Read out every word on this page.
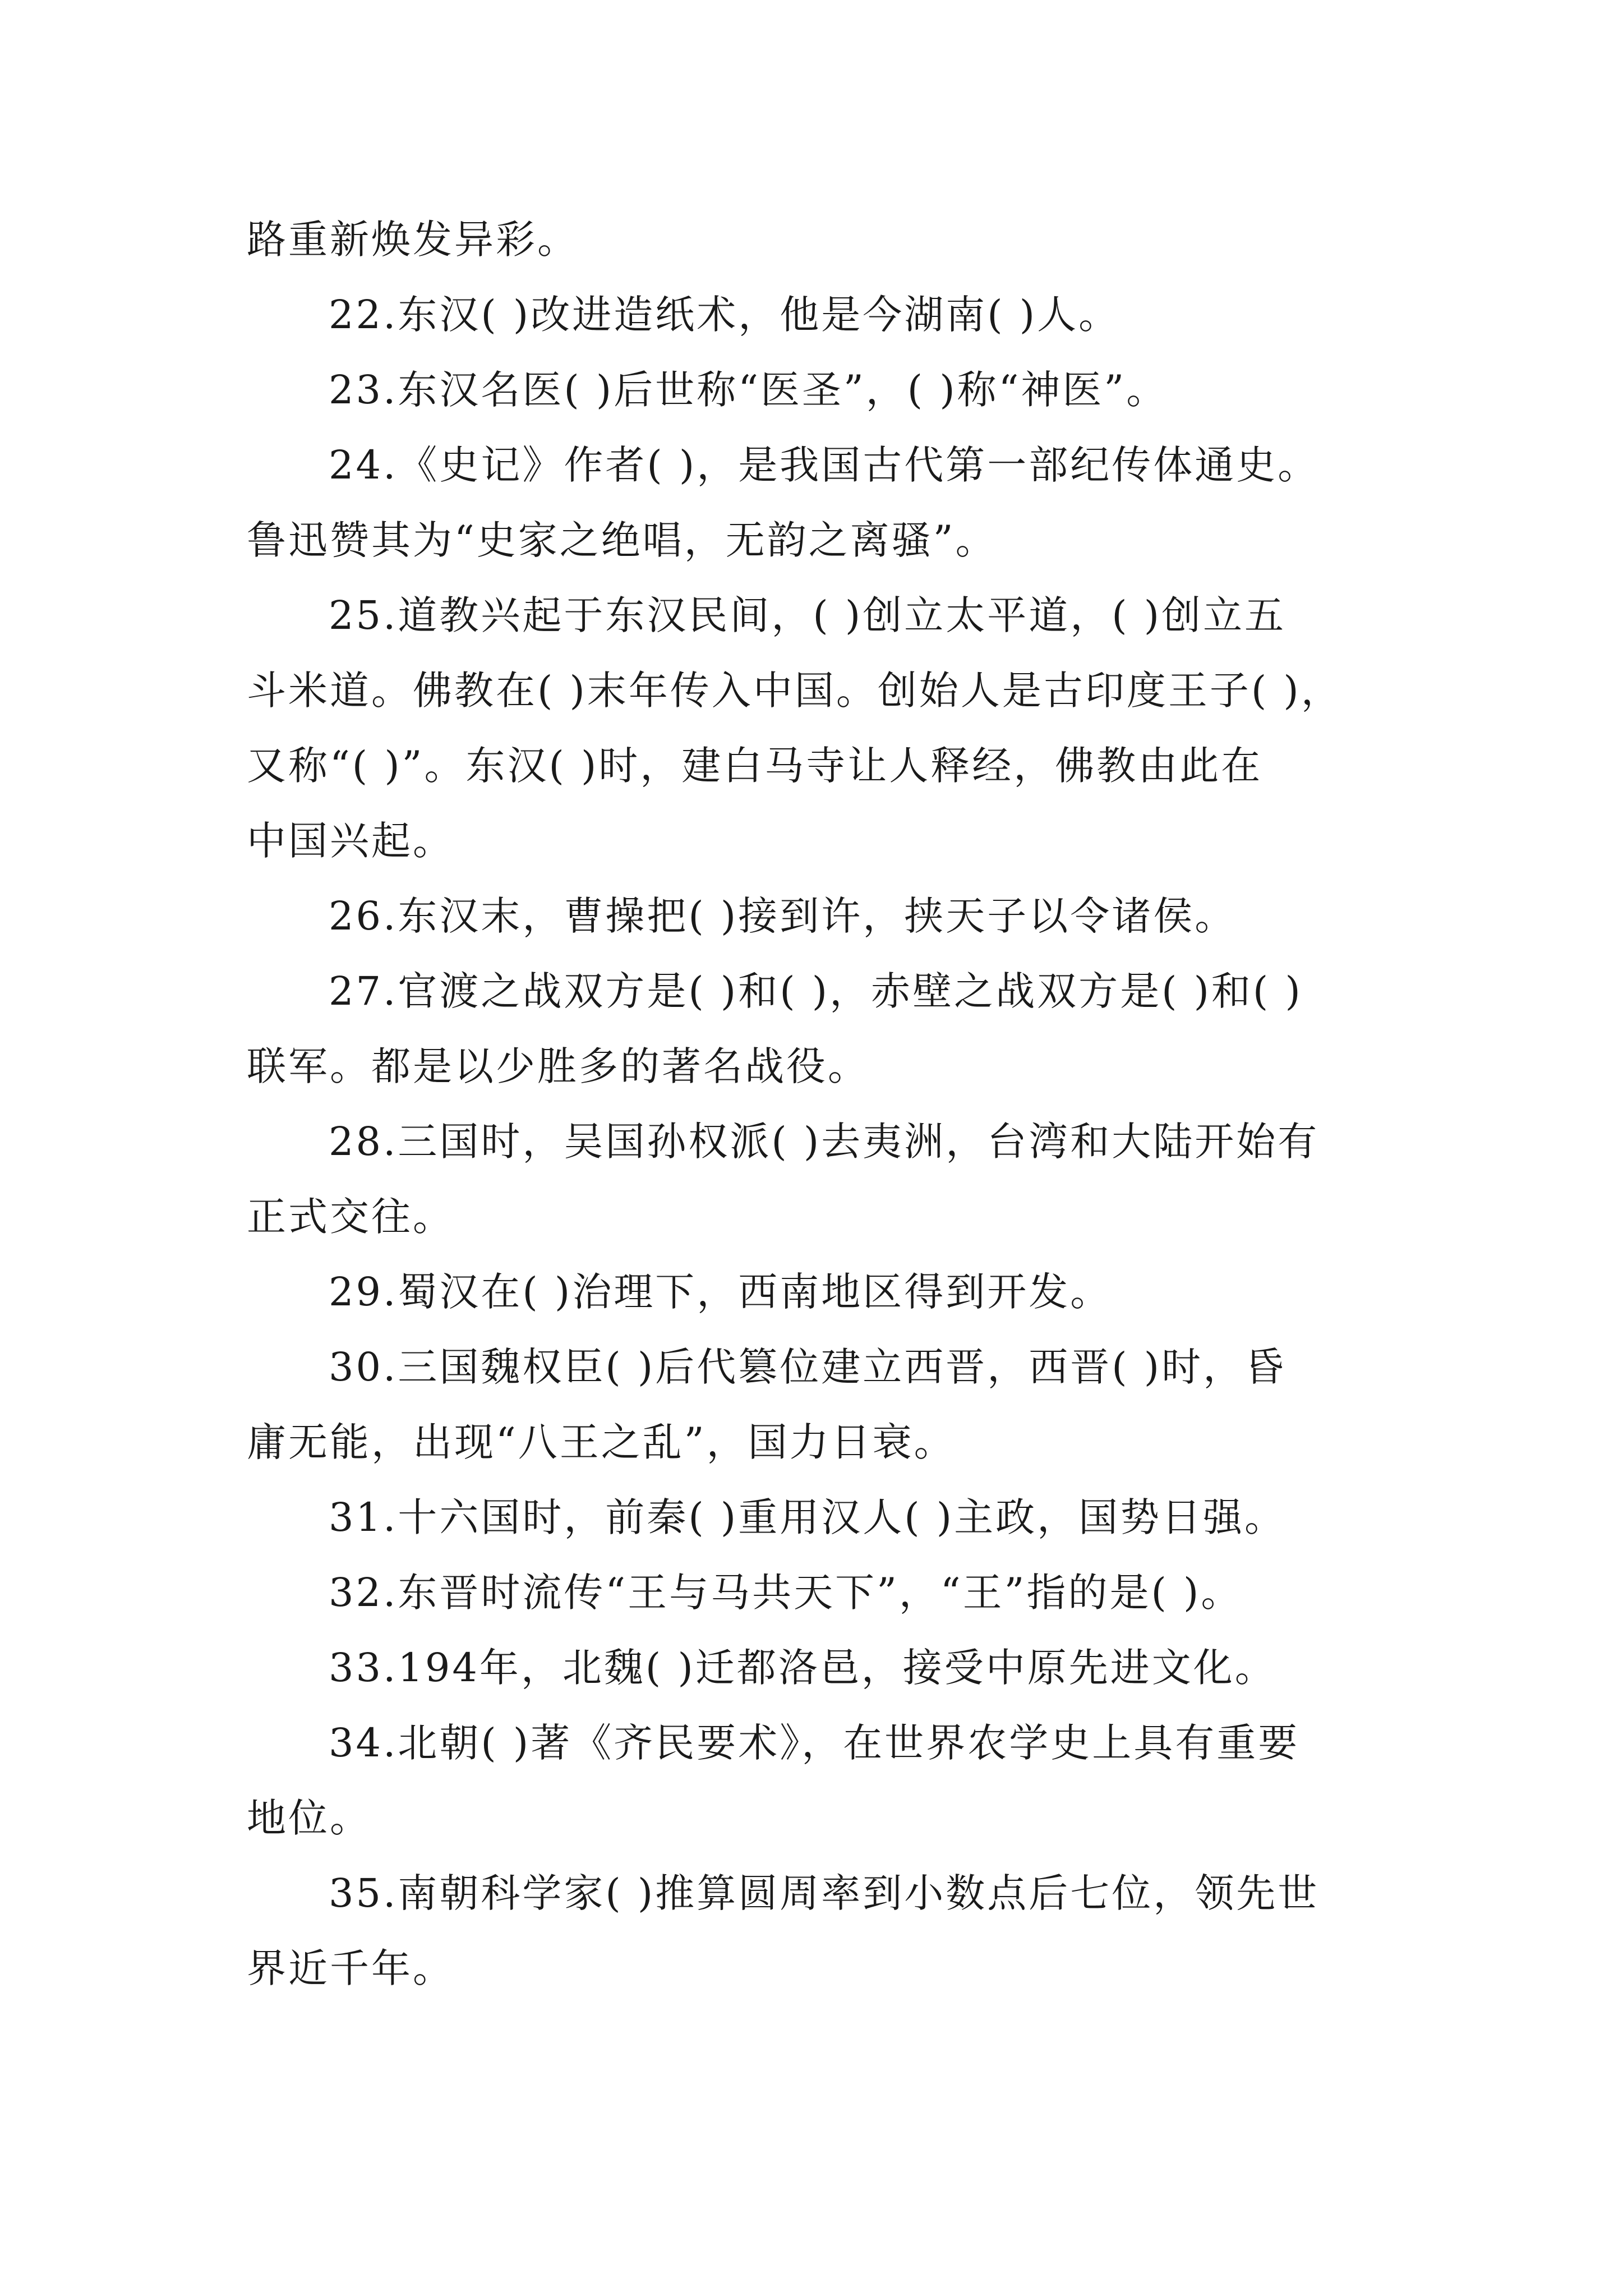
路重新焕发异彩。
22.东汉( )改进造纸术，他是今湖南( )人。
23.东汉名医( )后世称“医圣”，( )称“神医”。
24.《史记》作者( )，是我国古代第一部纪传体通史。
鲁迅赞其为“史家之绝唱，无韵之离骚”。
25.道教兴起于东汉民间，( )创立太平道，( )创立五
斗米道。佛教在( )末年传入中国。创始人是古印度王子( )，
又称“( )”。东汉( )时，建白马寺让人释经，佛教由此在
中国兴起。
26.东汉末，曹操把( )接到许，挟天子以令诸侯。
27.官渡之战双方是( )和( )，赤壁之战双方是( )和( )
联军。都是以少胜多的著名战役。
28.三国时，吴国孙权派( )去夷洲，台湾和大陆开始有
正式交往。
29.蜀汉在( )治理下，西南地区得到开发。
30.三国魏权臣( )后代篡位建立西晋，西晋( )时，昏
庸无能，出现“八王之乱”，国力日衰。
31.十六国时，前秦( )重用汉人( )主政，国势日强。
32.东晋时流传“王与马共天下”，“王”指的是( )。
33.194年，北魏( )迁都洛邑，接受中原先进文化。
34.北朝( )著《齐民要术》，在世界农学史上具有重要
地位。
35.南朝科学家( )推算圆周率到小数点后七位，领先世
界近千年。
